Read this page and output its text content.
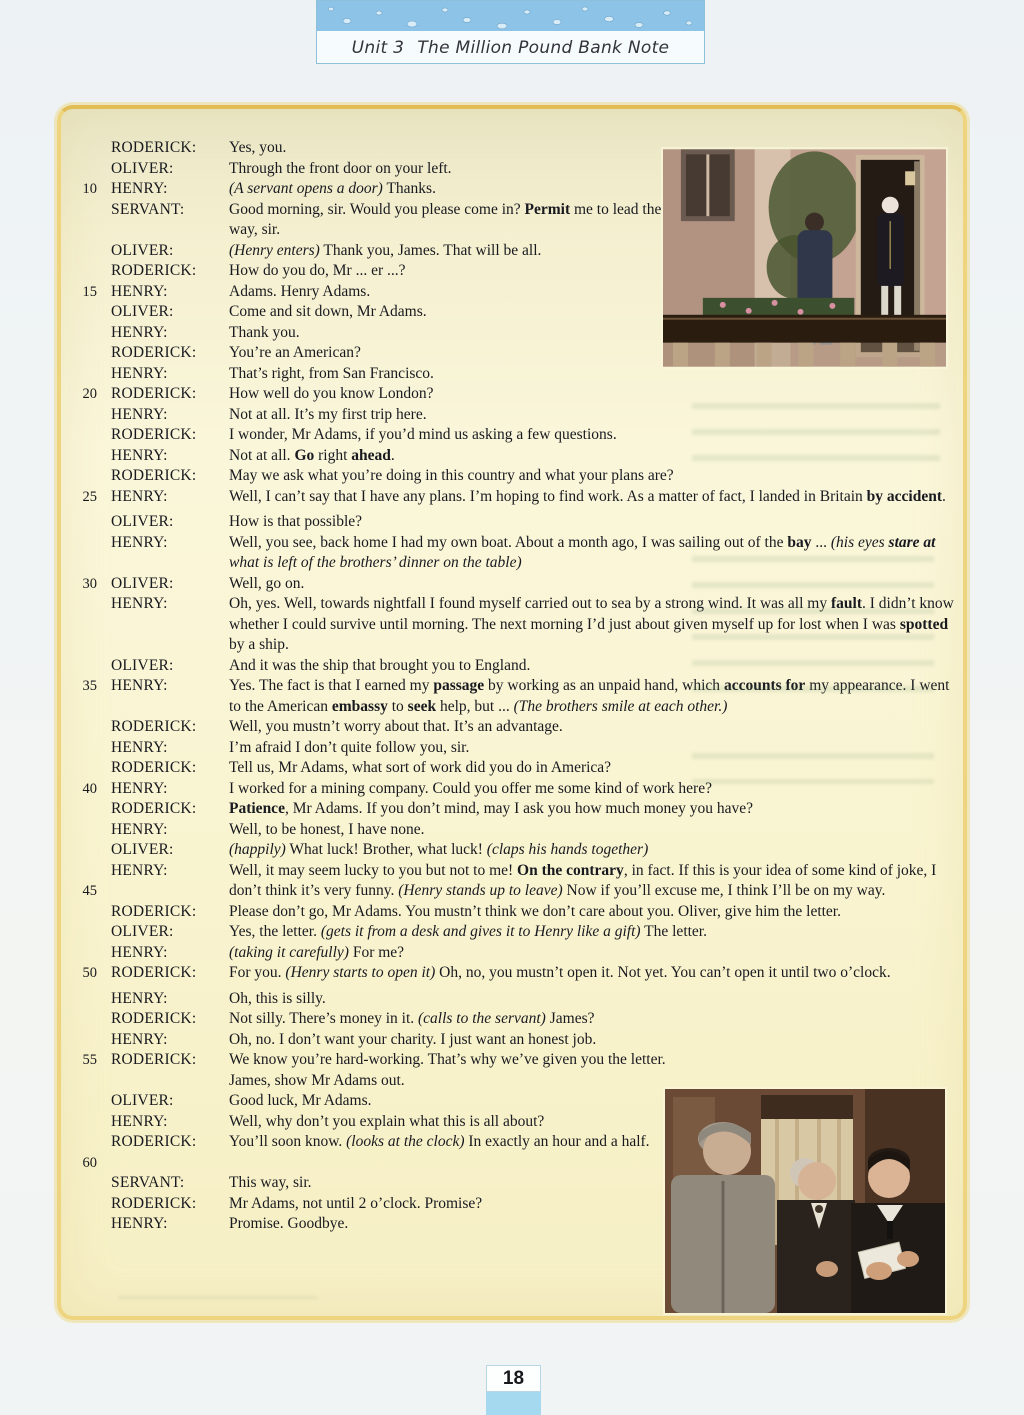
Unit 3 The Million Pound Bank Note
RODERICK:	Yes, you.
OLIVER:	Through the front door on your left.
10 HENRY:	(A servant opens a door) Thanks.
SERVANT:	Good morning, sir. Would you please come in? Permit me to lead the way, sir.
OLIVER:	(Henry enters) Thank you, James. That will be all.
RODERICK:	How do you do, Mr ... er ...?
15 HENRY:	Adams. Henry Adams.
OLIVER:	Come and sit down, Mr Adams.
HENRY:	Thank you.
RODERICK:	You’re an American?
HENRY:	That’s right, from San Francisco.
20 RODERICK:	How well do you know London?
HENRY:	Not at all. It’s my first trip here.
RODERICK:	I wonder, Mr Adams, if you’d mind us asking a few questions.
HENRY:	Not at all. Go right ahead.
RODERICK:	May we ask what you’re doing in this country and what your plans are?
25 HENRY:	Well, I can’t say that I have any plans. I’m hoping to find work. As a matter of fact, I landed in Britain by accident.
OLIVER:	How is that possible?
HENRY:	Well, you see, back home I had my own boat. About a month ago, I was sailing out of the bay ... (his eyes stare at what is left of the brothers’ dinner on the table)
30 OLIVER:	Well, go on.
HENRY:	Oh, yes. Well, towards nightfall I found myself carried out to sea by a strong wind. It was all my fault. I didn’t know whether I could survive until morning. The next morning I’d just about given myself up for lost when I was spotted by a ship.
OLIVER:	And it was the ship that brought you to England.
35 HENRY:	Yes. The fact is that I earned my passage by working as an unpaid hand, which accounts for my appearance. I went to the American embassy to seek help, but ... (The brothers smile at each other.)
RODERICK:	Well, you mustn’t worry about that. It’s an advantage.
HENRY:	I’m afraid I don’t quite follow you, sir.
RODERICK:	Tell us, Mr Adams, what sort of work did you do in America?
40 HENRY:	I worked for a mining company. Could you offer me some kind of work here?
RODERICK:	Patience, Mr Adams. If you don’t mind, may I ask you how much money you have?
HENRY:	Well, to be honest, I have none.
OLIVER:	(happily) What luck! Brother, what luck! (claps his hands together)
45
HENRY:	Well, it may seem lucky to you but not to me! On the contrary, in fact. If this is your idea of some kind of joke, I don’t think it’s very funny. (Henry stands up to leave) Now if you’ll excuse me, I think I’ll be on my way.
RODERICK:	Please don’t go, Mr Adams. You mustn’t think we don’t care about you. Oliver, give him the letter.
OLIVER:	Yes, the letter. (gets it from a desk and gives it to Henry like a gift) The letter.
HENRY:	(taking it carefully) For me?
50 RODERICK:	For you. (Henry starts to open it) Oh, no, you mustn’t open it. Not yet. You can’t open it until two o’clock.
HENRY:	Oh, this is silly.
RODERICK:	Not silly. There’s money in it. (calls to the servant) James?
HENRY:	Oh, no. I don’t want your charity. I just want an honest job.
55 RODERICK:	We know you’re hard-working. That’s why we’ve given you the letter. James, show Mr Adams out.
OLIVER:	Good luck, Mr Adams.
HENRY:	Well, why don’t you explain what this is all about?
60
RODERICK:	You’ll soon know. (looks at the clock) In exactly an hour and a half.
SERVANT:	This way, sir.
RODERICK:	Mr Adams, not until 2 o’clock. Promise?
HENRY:	Promise. Goodbye.
18
